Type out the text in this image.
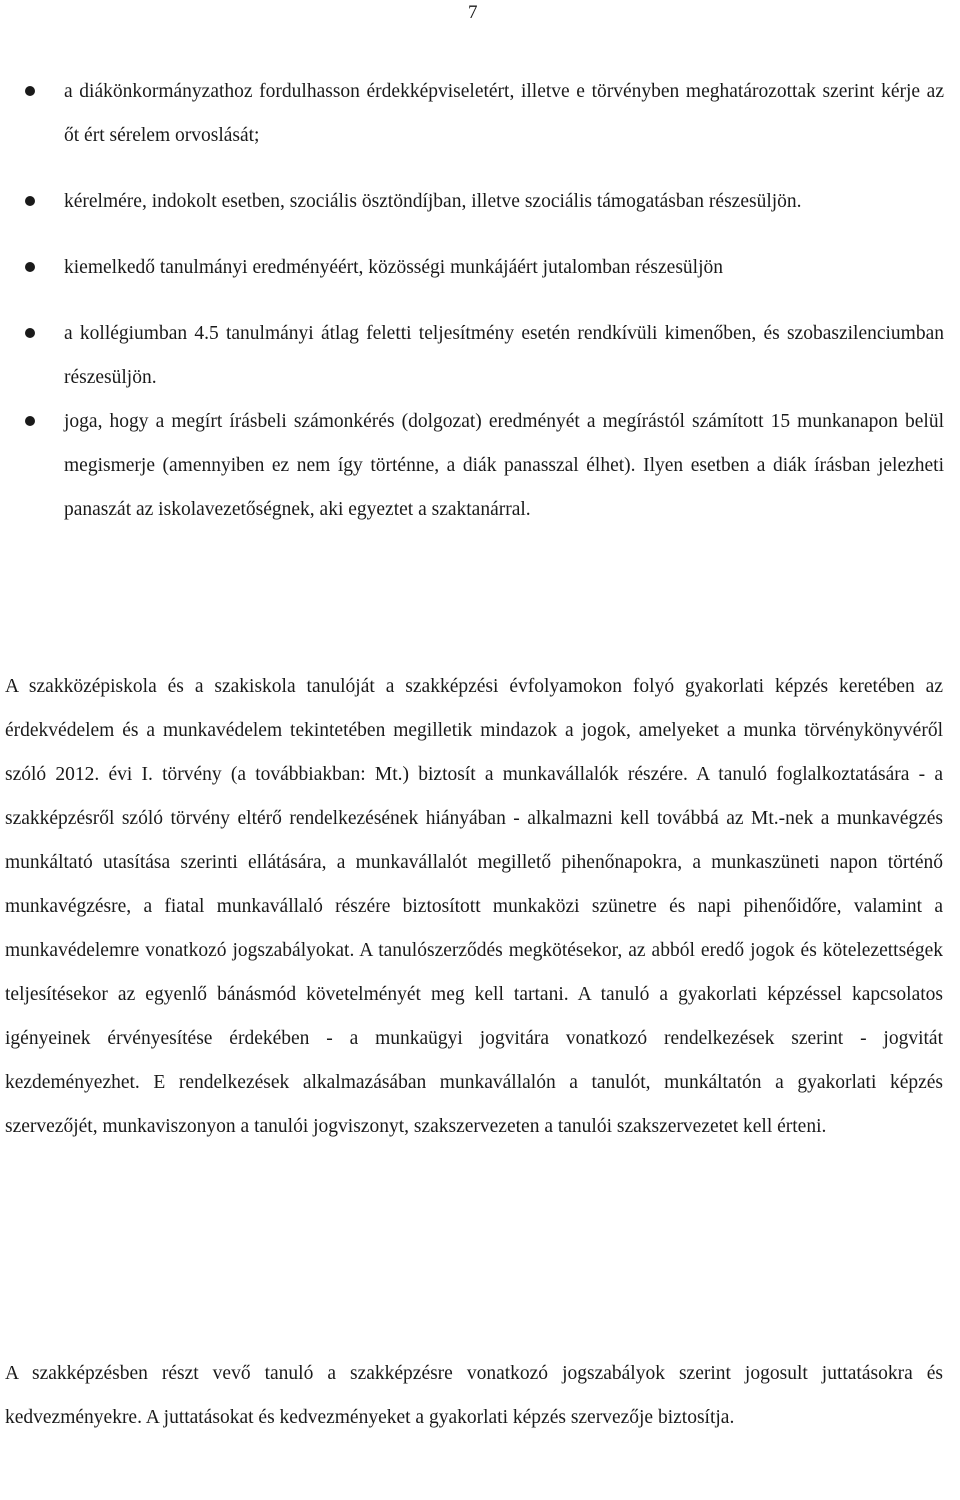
7
a diákönkormányzathoz fordulhasson érdekképviseletért, illetve e törvényben meghatározottak szerint kérje az őt ért sérelem orvoslását;
kérelmére, indokolt esetben, szociális ösztöndíjban, illetve szociális támogatásban részesüljön.
kiemelkedő tanulmányi eredményéért, közösségi munkájáért jutalomban részesüljön
a kollégiumban 4.5 tanulmányi átlag feletti teljesítmény esetén rendkívüli kimenőben, és szobaszilenciumban részesüljön.
joga, hogy a megírt írásbeli számonkérés (dolgozat) eredményét a megírástól számított 15 munkanapon belül megismerje (amennyiben ez nem így történne, a diák panasszal élhet). Ilyen esetben a diák írásban jelezheti panaszát az iskolavezetőségnek, aki egyeztet a szaktanárral.

A szakközépiskola és a szakiskola tanulóját a szakképzési évfolyamokon folyó gyakorlati képzés keretében az érdekvédelem és a munkavédelem tekintetében megilletik mindazok a jogok, amelyeket a munka törvénykönyvéről szóló 2012. évi I. törvény (a továbbiakban: Mt.) biztosít a munkavállalók részére. A tanuló foglalkoztatására - a szakképzésről szóló törvény eltérő rendelkezésének hiányában - alkalmazni kell továbbá az Mt.-nek a munkavégzés munkáltató utasítása szerinti ellátására, a munkavállalót megillető pihenőnapokra, a munkaszüneti napon történő munkavégzésre, a fiatal munkavállaló részére biztosított munkaközi szünetre és napi pihenőidőre, valamint a munkavédelemre vonatkozó jogszabályokat. A tanulószerződés megkötésekor, az abból eredő jogok és kötelezettségek teljesítésekor az egyenlő bánásmód követelményét meg kell tartani. A tanuló a gyakorlati képzéssel kapcsolatos igényeinek érvényesítése érdekében - a munkaügyi jogvitára vonatkozó rendelkezések szerint - jogvitát kezdeményezhet. E rendelkezések alkalmazásában munkavállalón a tanulót, munkáltatón a gyakorlati képzés szervezőjét, munkaviszonyon a tanulói jogviszonyt, szakszervezeten a tanulói szakszervezetet kell érteni.

A szakképzésben részt vevő tanuló a szakképzésre vonatkozó jogszabályok szerint jogosult juttatásokra és kedvezményekre. A juttatásokat és kedvezményeket a gyakorlati képzés szervezője biztosítja.
